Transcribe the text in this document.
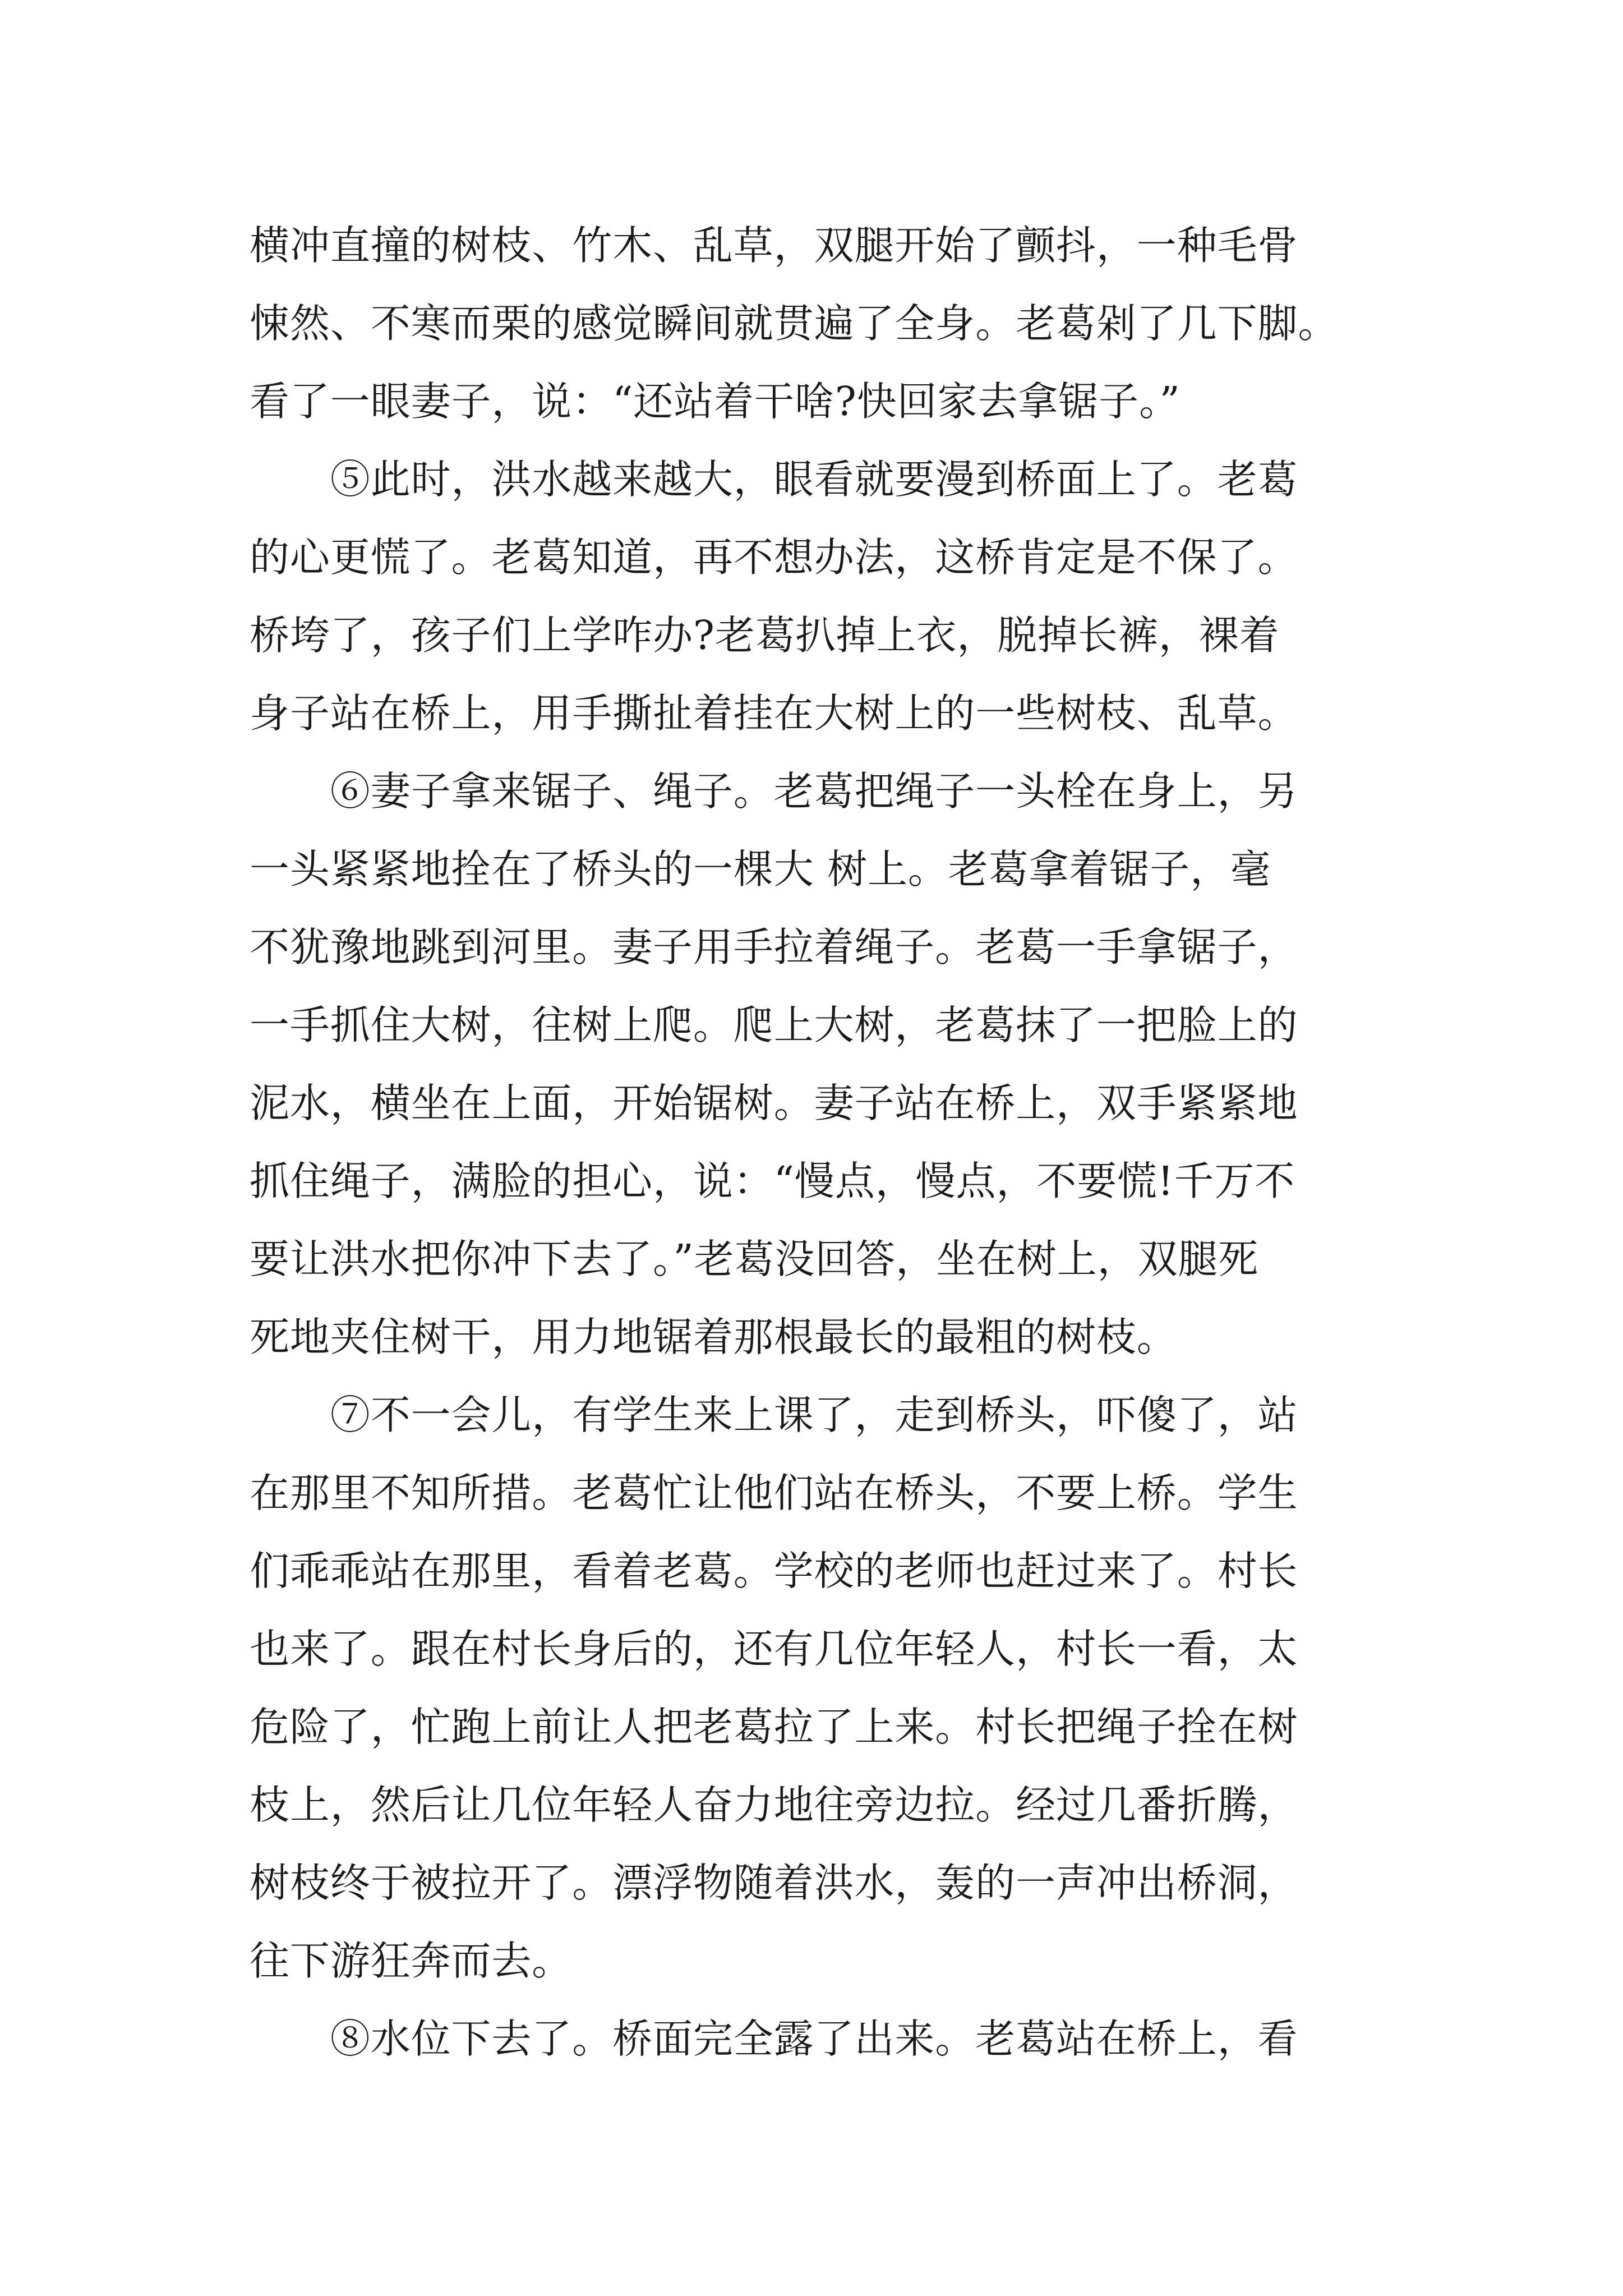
横冲直撞的树枝、竹木、乱草，双腿开始了颤抖，一种毛骨
悚然、不寒而栗的感觉瞬间就贯遍了全身。老葛剁了几下脚。
看了一眼妻子，说：“还站着干啥?快回家去拿锯子。”
　　⑤此时，洪水越来越大，眼看就要漫到桥面上了。老葛
的心更慌了。老葛知道，再不想办法，这桥肯定是不保了。
桥垮了，孩子们上学咋办?老葛扒掉上衣，脱掉长裤，裸着
身子站在桥上，用手撕扯着挂在大树上的一些树枝、乱草。
　　⑥妻子拿来锯子、绳子。老葛把绳子一头栓在身上，另
一头紧紧地拴在了桥头的一棵大 树上。老葛拿着锯子，毫
不犹豫地跳到河里。妻子用手拉着绳子。老葛一手拿锯子，
一手抓住大树，往树上爬。爬上大树，老葛抹了一把脸上的
泥水，横坐在上面，开始锯树。妻子站在桥上，双手紧紧地
抓住绳子，满脸的担心，说：“慢点，慢点，不要慌!千万不
要让洪水把你冲下去了。”老葛没回答，坐在树上，双腿死
死地夹住树干，用力地锯着那根最长的最粗的树枝。
　　⑦不一会儿，有学生来上课了，走到桥头，吓傻了，站
在那里不知所措。老葛忙让他们站在桥头，不要上桥。学生
们乖乖站在那里，看着老葛。学校的老师也赶过来了。村长
也来了。跟在村长身后的，还有几位年轻人，村长一看，太
危险了，忙跑上前让人把老葛拉了上来。村长把绳子拴在树
枝上，然后让几位年轻人奋力地往旁边拉。经过几番折腾，
树枝终于被拉开了。漂浮物随着洪水，轰的一声冲出桥洞，
往下游狂奔而去。
　　⑧水位下去了。桥面完全露了出来。老葛站在桥上，看
